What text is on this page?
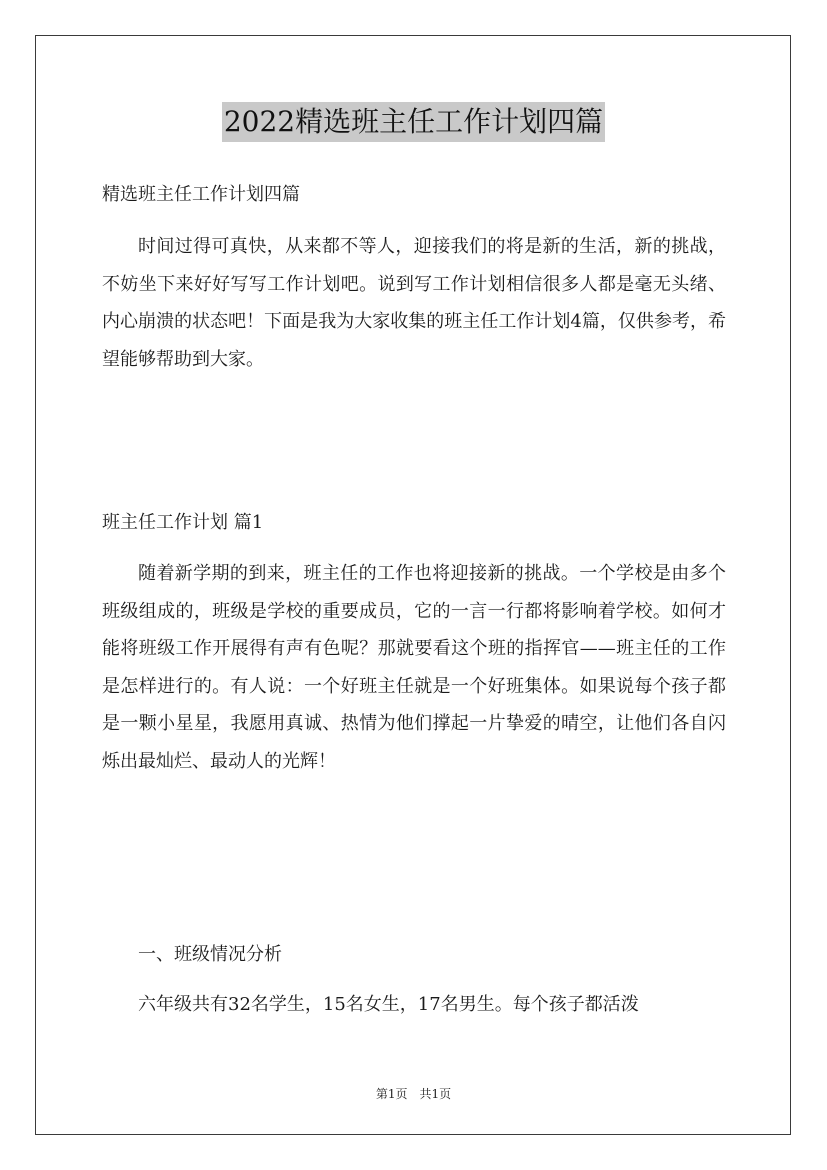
2022精选班主任工作计划四篇
精选班主任工作计划四篇

时间过得可真快，从来都不等人，迎接我们的将是新的生活，新的挑战，不妨坐下来好好写写工作计划吧。说到写工作计划相信很多人都是毫无头绪、内心崩溃的状态吧！下面是我为大家收集的班主任工作计划4篇，仅供参考，希望能够帮助到大家。

班主任工作计划 篇1

随着新学期的到来，班主任的工作也将迎接新的挑战。一个学校是由多个班级组成的，班级是学校的重要成员，它的一言一行都将影响着学校。如何才能将班级工作开展得有声有色呢？那就要看这个班的指挥官——班主任的工作是怎样进行的。有人说：一个好班主任就是一个好班集体。如果说每个孩子都是一颗小星星，我愿用真诚、热情为他们撑起一片挚爱的晴空，让他们各自闪烁出最灿烂、最动人的光辉！

一、班级情况分析

六年级共有32名学生，15名女生，17名男生。每个孩子都活泼

第1页　共1页
